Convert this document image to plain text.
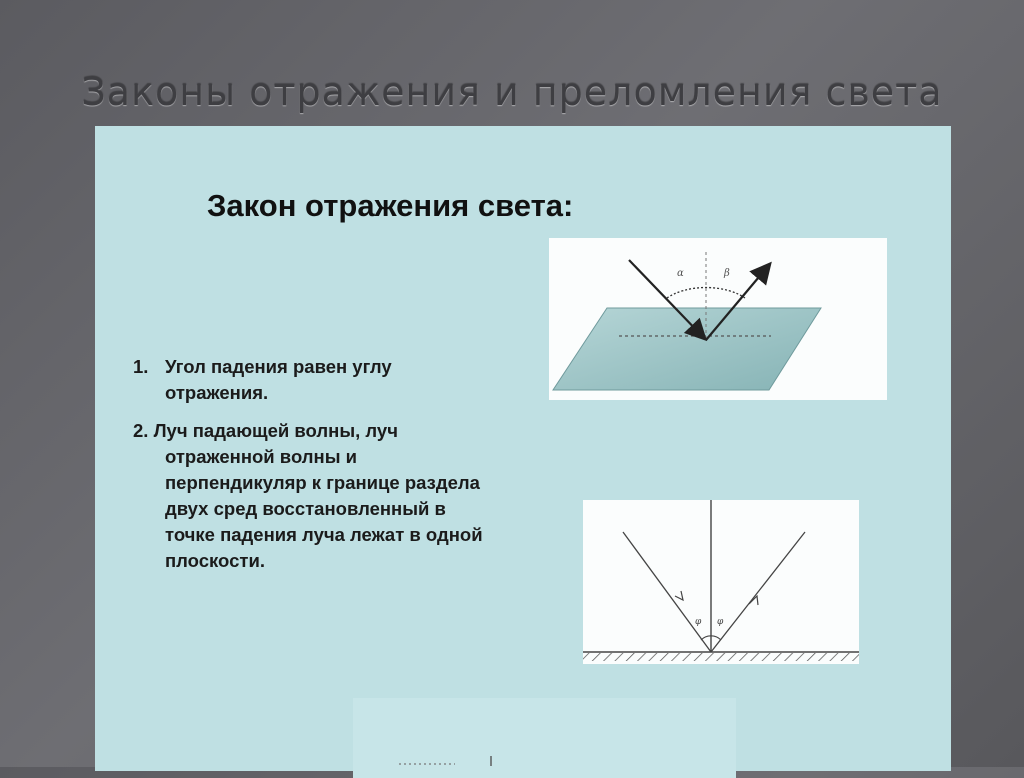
Законы отражения и преломления света
Закон отражения света:
1. Угол падения равен углу
отражения.
2. Луч падающей волны, луч
отраженной волны и
перпендикуляр к границе раздела
двух сред восстановленный в
точке падения луча лежат в одной
плоскости.
α	β
φ φ
